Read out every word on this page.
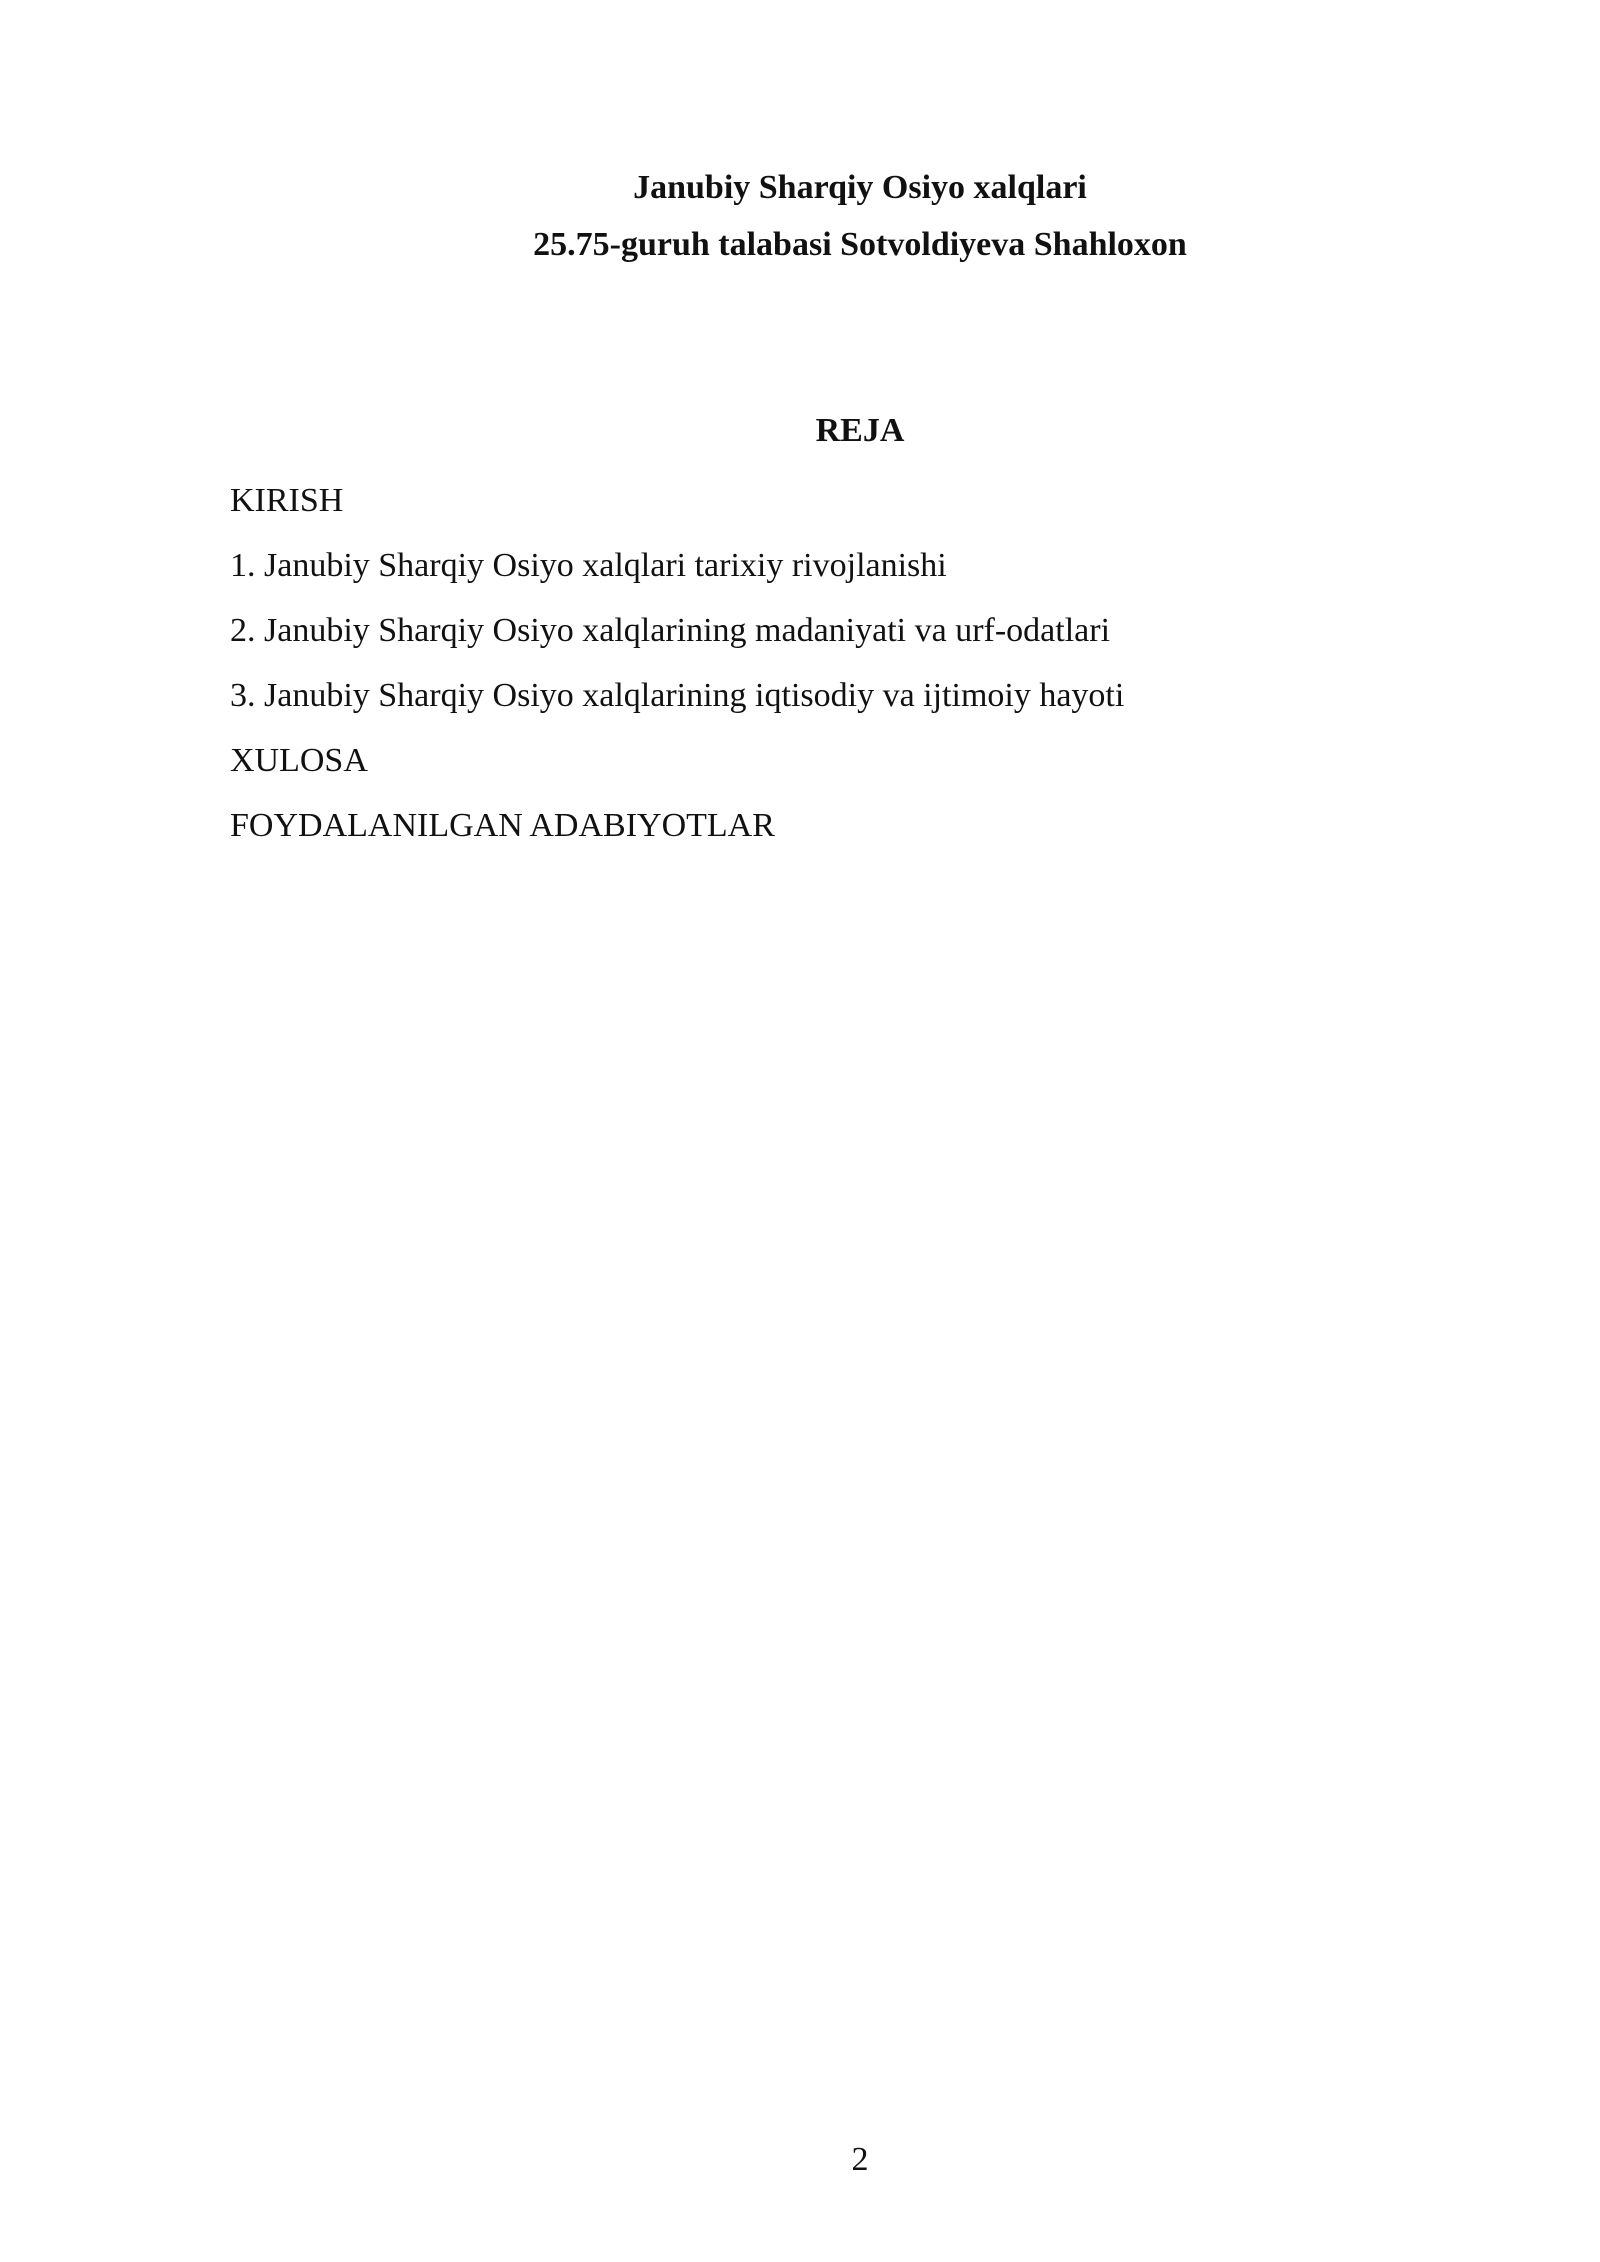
Janubiy Sharqiy Osiyo xalqlari
25.75-guruh talabasi Sotvoldiyeva Shahloxon
REJA
KIRISH
1. Janubiy Sharqiy Osiyo xalqlari tarixiy rivojlanishi
2. Janubiy Sharqiy Osiyo xalqlarining madaniyati va urf-odatlari
3. Janubiy Sharqiy Osiyo xalqlarining iqtisodiy va ijtimoiy hayoti
XULOSA
FOYDALANILGAN ADABIYOTLAR
2
